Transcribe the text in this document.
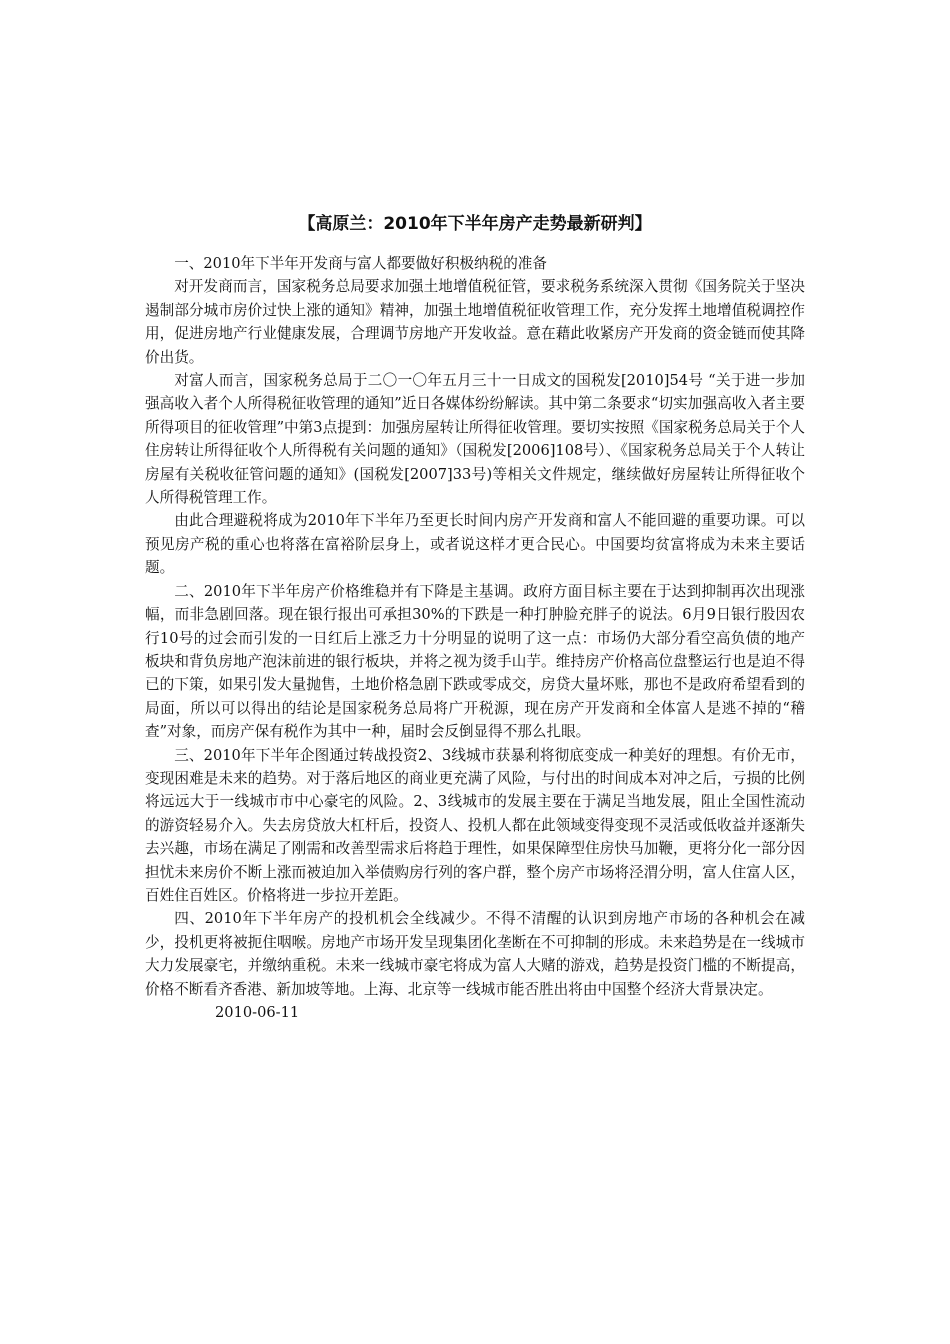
【高原兰：2010年下半年房产走势最新研判】

一、2010年下半年开发商与富人都要做好积极纳税的准备

对开发商而言，国家税务总局要求加强土地增值税征管，要求税务系统深入贯彻《国务院关于坚决遏制部分城市房价过快上涨的通知》精神，加强土地增值税征收管理工作，充分发挥土地增值税调控作用，促进房地产行业健康发展，合理调节房地产开发收益。意在藉此收紧房产开发商的资金链而使其降价出货。

对富人而言，国家税务总局于二〇一〇年五月三十一日成文的国税发[2010]54号 “关于进一步加强高收入者个人所得税征收管理的通知”近日各媒体纷纷解读。其中第二条要求“切实加强高收入者主要所得项目的征收管理”中第3点提到：加强房屋转让所得征收管理。要切实按照《国家税务总局关于个人住房转让所得征收个人所得税有关问题的通知》（国税发[2006]108号）、《国家税务总局关于个人转让房屋有关税收征管问题的通知》(国税发[2007]33号)等相关文件规定，继续做好房屋转让所得征收个人所得税管理工作。

由此合理避税将成为2010年下半年乃至更长时间内房产开发商和富人不能回避的重要功课。可以预见房产税的重心也将落在富裕阶层身上，或者说这样才更合民心。中国要均贫富将成为未来主要话题。

二、2010年下半年房产价格维稳并有下降是主基调。政府方面目标主要在于达到抑制再次出现涨幅，而非急剧回落。现在银行报出可承担30%的下跌是一种打肿脸充胖子的说法。6月9日银行股因农行10号的过会而引发的一日红后上涨乏力十分明显的说明了这一点：市场仍大部分看空高负债的地产板块和背负房地产泡沫前进的银行板块，并将之视为烫手山芋。维持房产价格高位盘整运行也是迫不得已的下策，如果引发大量抛售，土地价格急剧下跌或零成交，房贷大量坏账，那也不是政府希望看到的局面，所以可以得出的结论是国家税务总局将广开税源，现在房产开发商和全体富人是逃不掉的“稽查”对象，而房产保有税作为其中一种，届时会反倒显得不那么扎眼。

三、2010年下半年企图通过转战投资2、3线城市获暴利将彻底变成一种美好的理想。有价无市，变现困难是未来的趋势。对于落后地区的商业更充满了风险，与付出的时间成本对冲之后，亏损的比例将远远大于一线城市市中心豪宅的风险。2、3线城市的发展主要在于满足当地发展，阻止全国性流动的游资轻易介入。失去房贷放大杠杆后，投资人、投机人都在此领域变得变现不灵活或低收益并逐渐失去兴趣，市场在满足了刚需和改善型需求后将趋于理性，如果保障型住房快马加鞭，更将分化一部分因担忧未来房价不断上涨而被迫加入举债购房行列的客户群，整个房产市场将泾渭分明，富人住富人区，百姓住百姓区。价格将进一步拉开差距。

四、2010年下半年房产的投机机会全线减少。不得不清醒的认识到房地产市场的各种机会在减少，投机更将被扼住咽喉。房地产市场开发呈现集团化垄断在不可抑制的形成。未来趋势是在一线城市大力发展豪宅，并缴纳重税。未来一线城市豪宅将成为富人大赌的游戏，趋势是投资门槛的不断提高，价格不断看齐香港、新加坡等地。上海、北京等一线城市能否胜出将由中国整个经济大背景决定。

2010-06-11
